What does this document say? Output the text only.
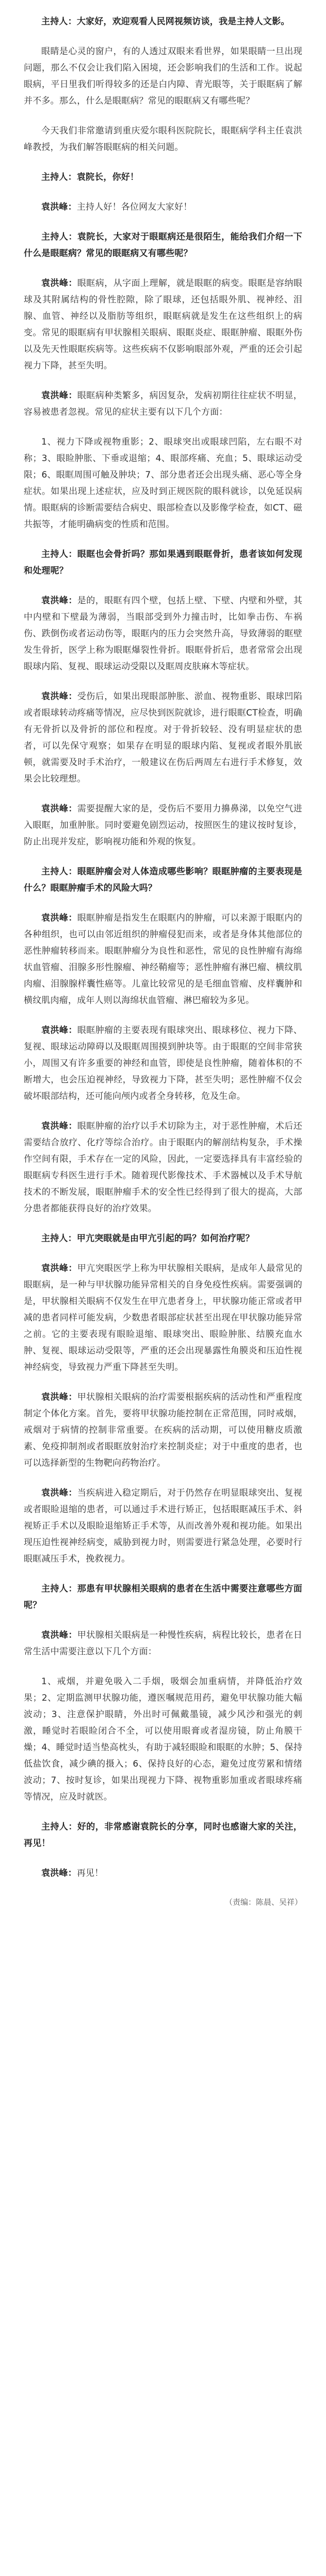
主持人：大家好，欢迎观看人民网视频访谈，我是主持人文影。

眼睛是心灵的窗户，有的人透过双眼来看世界，如果眼睛一旦出现问题，那么不仅会让我们陷入困境，还会影响我们的生活和工作。说起眼病，平日里我们听得较多的还是白内障、青光眼等，关于眼眶病了解并不多。那么，什么是眼眶病？常见的眼眶病又有哪些呢？

今天我们非常邀请到重庆爱尔眼科医院院长，眼眶病学科主任袁洪峰教授，为我们解答眼眶病的相关问题。

主持人：袁院长，你好！

袁洪峰：主持人好！各位网友大家好！

主持人：袁院长，大家对于眼眶病还是很陌生，能给我们介绍一下什么是眼眶病？常见的眼眶病又有哪些呢？

袁洪峰：眼眶病，从字面上理解，就是眼眶的病变。眼眶是容纳眼球及其附属结构的骨性腔隙，除了眼球，还包括眼外肌、视神经、泪腺、血管、神经以及脂肪等组织，眼眶病就是发生在这些组织上的病变。常见的眼眶病有甲状腺相关眼病、眼眶炎症、眼眶肿瘤、眼眶外伤以及先天性眼眶疾病等。这些疾病不仅影响眼部外观，严重的还会引起视力下降，甚至失明。

袁洪峰：眼眶病种类繁多，病因复杂，发病初期往往症状不明显，容易被患者忽视。常见的症状主要有以下几个方面：

1、视力下降或视物重影；2、眼球突出或眼球凹陷，左右眼不对称；3、眼睑肿胀、下垂或退缩；4、眼部疼痛、充血；5、眼球运动受限；6、眼眶周围可触及肿块；7、部分患者还会出现头痛、恶心等全身症状。如果出现上述症状，应及时到正规医院的眼科就诊，以免延误病情。眼眶病的诊断需要结合病史、眼部检查以及影像学检查，如CT、磁共振等，才能明确病变的性质和范围。

主持人：眼眶也会骨折吗？那如果遇到眼眶骨折，患者该如何发现和处理呢？

袁洪峰：是的，眼眶有四个壁，包括上壁、下壁、内壁和外壁，其中内壁和下壁最为薄弱，当眼部受到外力撞击时，比如拳击伤、车祸伤、跌倒伤或者运动伤等，眼眶内的压力会突然升高，导致薄弱的眶壁发生骨折，医学上称为眼眶爆裂性骨折。眼眶骨折后，患者常常会出现眼球内陷、复视、眼球运动受限以及眶周皮肤麻木等症状。

袁洪峰：受伤后，如果出现眼部肿胀、淤血、视物重影、眼球凹陷或者眼球转动疼痛等情况，应尽快到医院就诊，进行眼眶CT检查，明确有无骨折以及骨折的部位和程度。对于骨折较轻、没有明显症状的患者，可以先保守观察；如果存在明显的眼球内陷、复视或者眼外肌嵌顿，就需要及时手术治疗，一般建议在伤后两周左右进行手术修复，效果会比较理想。

袁洪峰：需要提醒大家的是，受伤后不要用力擤鼻涕，以免空气进入眼眶，加重肿胀。同时要避免剧烈运动，按照医生的建议按时复诊，防止出现并发症，影响视功能和外观的恢复。

主持人：眼眶肿瘤会对人体造成哪些影响？眼眶肿瘤的主要表现是什么？眼眶肿瘤手术的风险大吗？

袁洪峰：眼眶肿瘤是指发生在眼眶内的肿瘤，可以来源于眼眶内的各种组织，也可以由邻近组织的肿瘤侵犯而来，或者是身体其他部位的恶性肿瘤转移而来。眼眶肿瘤分为良性和恶性，常见的良性肿瘤有海绵状血管瘤、泪腺多形性腺瘤、神经鞘瘤等；恶性肿瘤有淋巴瘤、横纹肌肉瘤、泪腺腺样囊性癌等。儿童比较常见的是毛细血管瘤、皮样囊肿和横纹肌肉瘤，成年人则以海绵状血管瘤、淋巴瘤较为多见。

袁洪峰：眼眶肿瘤的主要表现有眼球突出、眼球移位、视力下降、复视、眼球运动障碍以及眼眶周围摸到肿块等。由于眼眶的空间非常狭小，周围又有许多重要的神经和血管，即使是良性肿瘤，随着体积的不断增大，也会压迫视神经，导致视力下降，甚至失明；恶性肿瘤不仅会破坏眼部结构，还可能向颅内或者全身转移，危及生命。

袁洪峰：眼眶肿瘤的治疗以手术切除为主，对于恶性肿瘤，术后还需要结合放疗、化疗等综合治疗。由于眼眶内的解剖结构复杂，手术操作空间有限，手术存在一定的风险，因此，一定要选择具有丰富经验的眼眶病专科医生进行手术。随着现代影像技术、手术器械以及手术导航技术的不断发展，眼眶肿瘤手术的安全性已经得到了很大的提高，大部分患者都能获得良好的治疗效果。

主持人：甲亢突眼就是由甲亢引起的吗？如何治疗呢？

袁洪峰：甲亢突眼医学上称为甲状腺相关眼病，是成年人最常见的眼眶病，是一种与甲状腺功能异常相关的自身免疫性疾病。需要强调的是，甲状腺相关眼病不仅发生在甲亢患者身上，甲状腺功能正常或者甲减的患者同样可能发病，少数患者眼部症状甚至出现在甲状腺功能异常之前。它的主要表现有眼睑退缩、眼球突出、眼睑肿胀、结膜充血水肿、复视、眼球运动受限等，严重的还会出现暴露性角膜炎和压迫性视神经病变，导致视力严重下降甚至失明。

袁洪峰：甲状腺相关眼病的治疗需要根据疾病的活动性和严重程度制定个体化方案。首先，要将甲状腺功能控制在正常范围，同时戒烟，戒烟对于病情的控制非常重要。在疾病的活动期，可以使用糖皮质激素、免疫抑制剂或者眼眶放射治疗来控制炎症；对于中重度的患者，也可以选择新型的生物靶向药物治疗。

袁洪峰：当疾病进入稳定期后，对于仍然存在明显眼球突出、复视或者眼睑退缩的患者，可以通过手术进行矫正，包括眼眶减压手术、斜视矫正手术以及眼睑退缩矫正手术等，从而改善外观和视功能。如果出现压迫性视神经病变，威胁到视力时，则需要进行紧急处理，必要时行眼眶减压手术，挽救视力。

主持人：那患有甲状腺相关眼病的患者在生活中需要注意哪些方面呢？

袁洪峰：甲状腺相关眼病是一种慢性疾病，病程比较长，患者在日常生活中需要注意以下几个方面：

1、戒烟，并避免吸入二手烟，吸烟会加重病情，并降低治疗效果；2、定期监测甲状腺功能，遵医嘱规范用药，避免甲状腺功能大幅波动；3、注意保护眼睛，外出时可佩戴墨镜，减少风沙和强光的刺激，睡觉时若眼睑闭合不全，可以使用眼膏或者湿房镜，防止角膜干燥；4、睡觉时适当垫高枕头，有助于减轻眼睑和眼眶的水肿；5、保持低盐饮食，减少碘的摄入；6、保持良好的心态，避免过度劳累和情绪波动；7、按时复诊，如果出现视力下降、视物重影加重或者眼球疼痛等情况，应及时就医。

主持人：好的，非常感谢袁院长的分享，同时也感谢大家的关注，再见！

袁洪峰：再见！

（责编：陈晨、吴祥）
